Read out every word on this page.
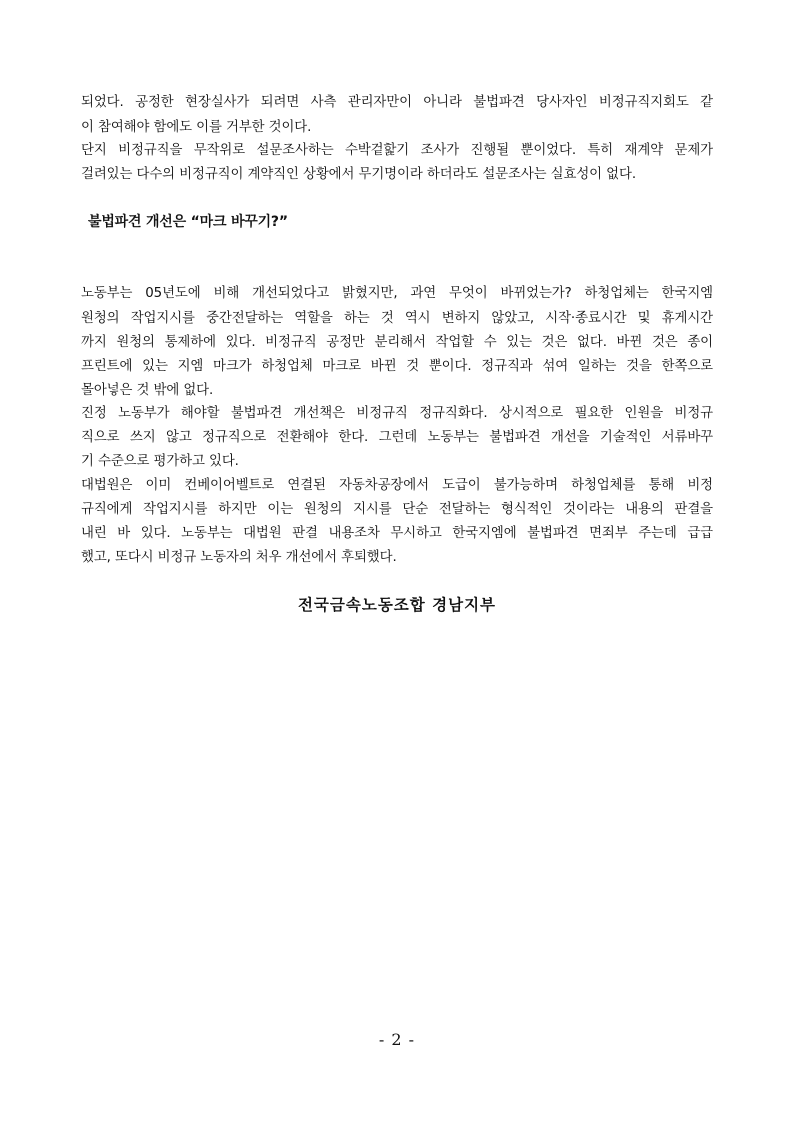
되었다. 공정한 현장실사가 되려면 사측 관리자만이 아니라 불법파견 당사자인 비정규직지회도 같
이 참여해야 함에도 이를 거부한 것이다.
단지 비정규직을 무작위로 설문조사하는 수박겉핥기 조사가 진행될 뿐이었다. 특히 재계약 문제가
걸려있는 다수의 비정규직이 계약직인 상황에서 무기명이라 하더라도 설문조사는 실효성이 없다.
불법파견 개선은 “마크 바꾸기?”
노동부는 05년도에 비해 개선되었다고 밝혔지만, 과연 무엇이 바뀌었는가? 하청업체는 한국지엠
원청의 작업지시를 중간전달하는 역할을 하는 것 역시 변하지 않았고, 시작·종료시간 및 휴게시간
까지 원청의 통제하에 있다. 비정규직 공정만 분리해서 작업할 수 있는 것은 없다. 바뀐 것은 종이
프린트에 있는 지엠 마크가 하청업체 마크로 바뀐 것 뿐이다. 정규직과 섞여 일하는 것을 한쪽으로
몰아넣은 것 밖에 없다.
진정 노동부가 해야할 불법파견 개선책은 비정규직 정규직화다. 상시적으로 필요한 인원을 비정규
직으로 쓰지 않고 정규직으로 전환해야 한다. 그런데 노동부는 불법파견 개선을 기술적인 서류바꾸
기 수준으로 평가하고 있다.
대법원은 이미 컨베이어벨트로 연결된 자동차공장에서 도급이 불가능하며 하청업체를 통해 비정
규직에게 작업지시를 하지만 이는 원청의 지시를 단순 전달하는 형식적인 것이라는 내용의 판결을
내린 바 있다. 노동부는 대법원 판결 내용조차 무시하고 한국지엠에 불법파견 면죄부 주는데 급급
했고, 또다시 비정규 노동자의 처우 개선에서 후퇴했다.
전국금속노동조합 경남지부
- 2 -
